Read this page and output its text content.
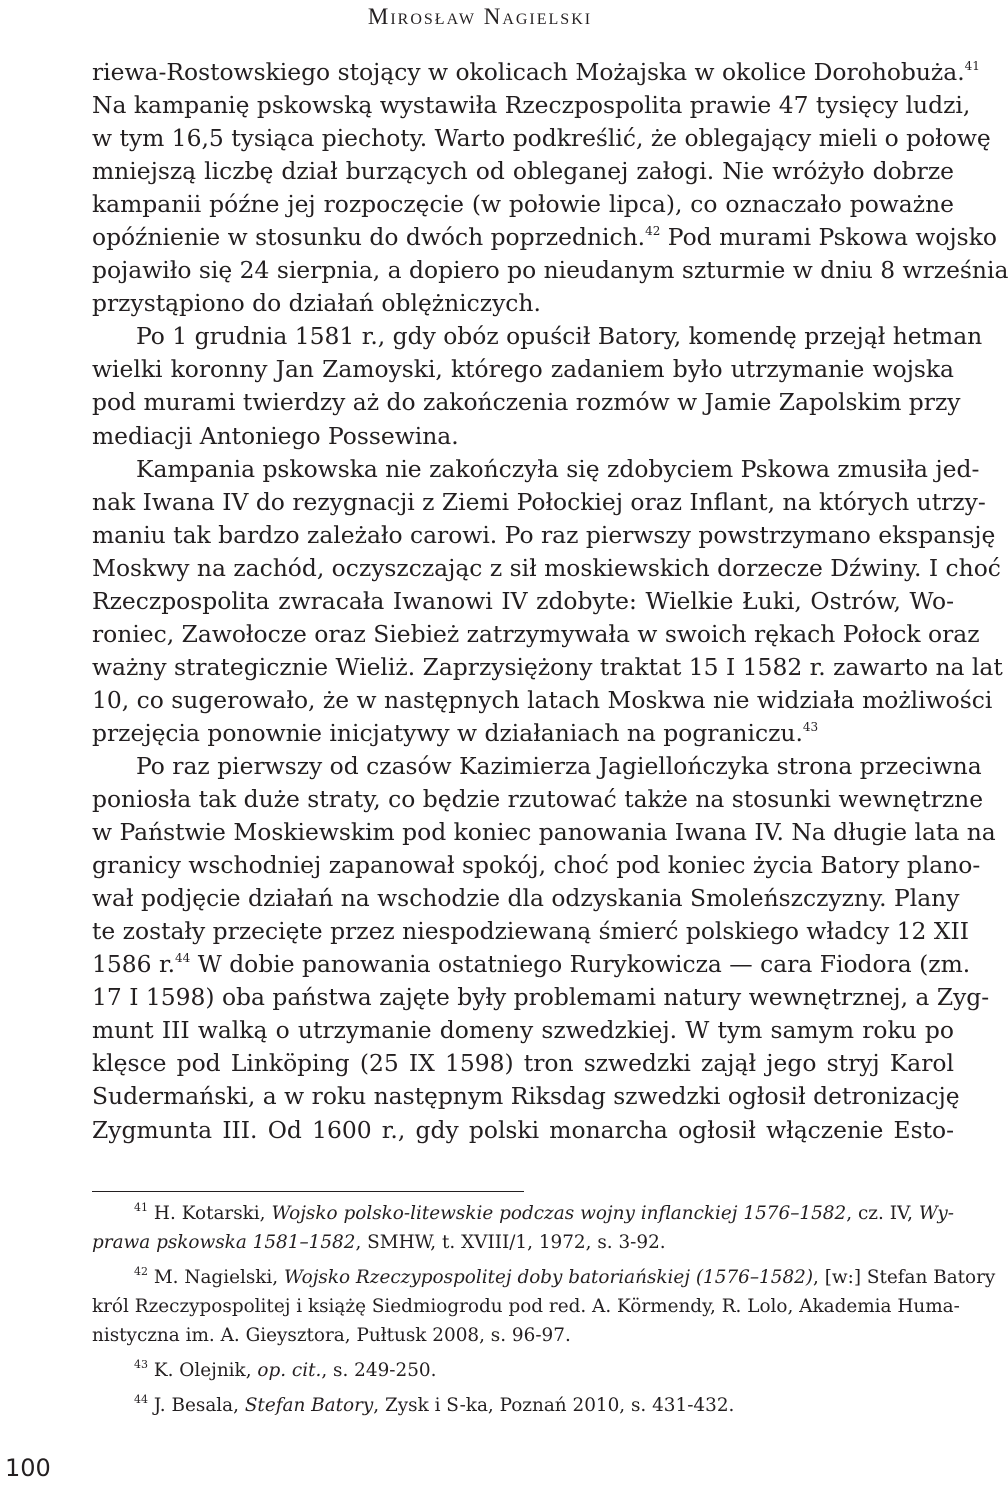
Mirosław Nagielski
riewa-Rostowskiego stojący w okolicach Możajska w okolice Dorohobuża.$^{41}$
Na kampanię pskowską wystawiła Rzeczpospolita prawie 47 tysięcy ludzi,
w tym 16,5 tysiąca piechoty. Warto podkreślić, że oblegający mieli o połowę
mniejszą liczbę dział burzących od obleganej załogi. Nie wróżyło dobrze
kampanii późne jej rozpoczęcie (w połowie lipca), co oznaczało poważne
opóźnienie w stosunku do dwóch poprzednich.$^{42}$ Pod murami Pskowa wojsko
pojawiło się 24 sierpnia, a dopiero po nieudanym szturmie w dniu 8 września
przystąpiono do działań oblężniczych.
Po 1 grudnia 1581 r., gdy obóz opuścił Batory, komendę przejął hetman
wielki koronny Jan Zamoyski, którego zadaniem było utrzymanie wojska
pod murami twierdzy aż do zakończenia rozmów w Jamie Zapolskim przy
mediacji Antoniego Possewina.
Kampania pskowska nie zakończyła się zdobyciem Pskowa zmusiła jed-
nak Iwana IV do rezygnacji z Ziemi Połockiej oraz Inflant, na których utrzy-
maniu tak bardzo zależało carowi. Po raz pierwszy powstrzymano ekspansję
Moskwy na zachód, oczyszczając z sił moskiewskich dorzecze Dźwiny. I choć
Rzeczpospolita zwracała Iwanowi IV zdobyte: Wielkie Łuki, Ostrów, Wo-
roniec, Zawołocze oraz Siebież zatrzymywała w swoich rękach Połock oraz
ważny strategicznie Wieliż. Zaprzysiężony traktat 15 I 1582 r. zawarto na lat
10, co sugerowało, że w następnych latach Moskwa nie widziała możliwości
przejęcia ponownie inicjatywy w działaniach na pograniczu.$^{43}$
Po raz pierwszy od czasów Kazimierza Jagiellończyka strona przeciwna
poniosła tak duże straty, co będzie rzutować także na stosunki wewnętrzne
w Państwie Moskiewskim pod koniec panowania Iwana IV. Na długie lata na
granicy wschodniej zapanował spokój, choć pod koniec życia Batory plano-
wał podjęcie działań na wschodzie dla odzyskania Smoleńszczyzny. Plany
te zostały przecięte przez niespodziewaną śmierć polskiego władcy 12 XII
1586 r.$^{44}$ W dobie panowania ostatniego Rurykowicza — cara Fiodora (zm.
17 I 1598) oba państwa zajęte były problemami natury wewnętrznej, a Zyg-
munt III walką o utrzymanie domeny szwedzkiej. W tym samym roku po
klęsce pod Linköping (25 IX 1598) tron szwedzki zajął jego stryj Karol
Sudermański, a w roku następnym Riksdag szwedzki ogłosił detronizację
Zygmunta III. Od 1600 r., gdy polski monarcha ogłosił włączenie Esto-
$^{41}$ H. Kotarski, Wojsko polsko-litewskie podczas wojny inflanckiej 1576–1582, cz. IV, Wy-
prawa pskowska 1581–1582, SMHW, t. XVIII/1, 1972, s. 3-92.
$^{42}$ M. Nagielski, Wojsko Rzeczypospolitej doby batoriańskiej (1576–1582), [w:] Stefan Batory
król Rzeczypospolitej i książę Siedmiogrodu pod red. A. Körmendy, R. Lolo, Akademia Huma-
nistyczna im. A. Gieysztora, Pułtusk 2008, s. 96-97.
$^{43}$ K. Olejnik, op. cit., s. 249-250.
$^{44}$ J. Besala, Stefan Batory, Zysk i S-ka, Poznań 2010, s. 431-432.
100
